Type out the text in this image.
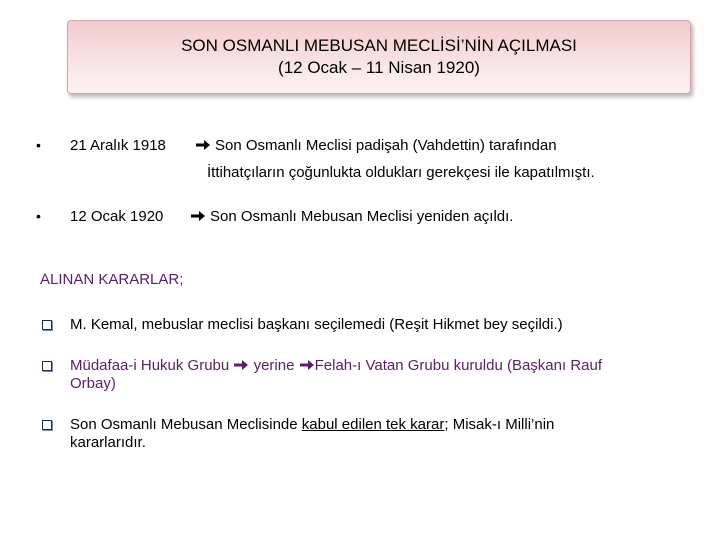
SON OSMANLI MEBUSAN MECLİSİ’NİN AÇILMASI
(12 Ocak – 11 Nisan 1920)
• 21 Aralık 1918	Son Osmanlı Meclisi padişah (Vahdettin) tarafından
İttihatçıların çoğunlukta oldukları gerekçesi ile kapatılmıştı.
• 12 Ocak 1920	Son Osmanlı Mebusan Meclisi yeniden açıldı.
ALINAN KARARLAR;
M. Kemal, mebuslar meclisi başkanı seçilemedi (Reşit Hikmet bey seçildi.)
Müdafaa-i Hukuk Grubu yerine Felah-ı Vatan Grubu kuruldu (Başkanı Rauf
Orbay)
Son Osmanlı Mebusan Meclisinde kabul edilen tek karar; Misak-ı Milli’nin
kararlarıdır.
